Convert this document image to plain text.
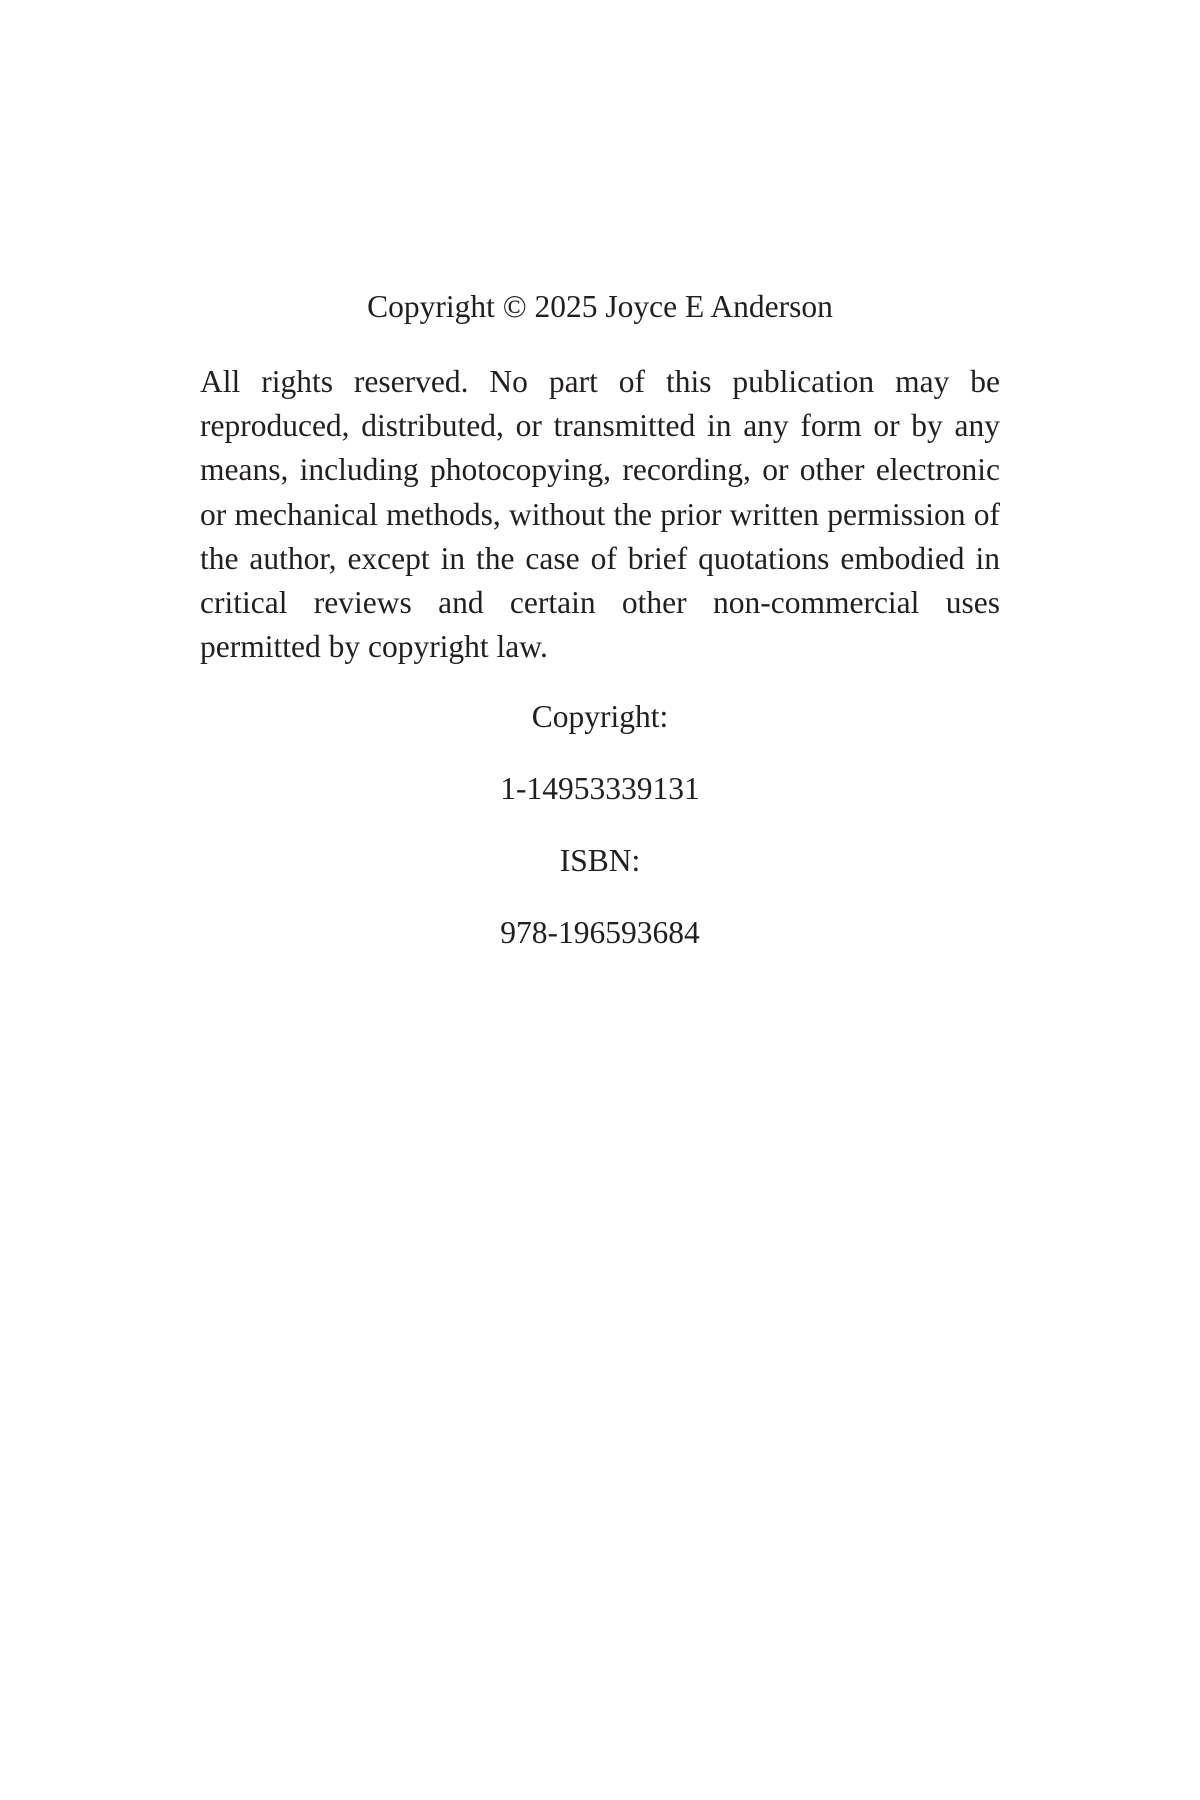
Copyright © 2025 Joyce E Anderson

All rights reserved. No part of this publication may be reproduced, distributed, or transmitted in any form or by any means, including photocopying, recording, or other electronic or mechanical methods, without the prior written permission of the author, except in the case of brief quotations embodied in critical reviews and certain other non-commercial uses permitted by copyright law.

Copyright:
1-14953339131
ISBN:
978-196593684
